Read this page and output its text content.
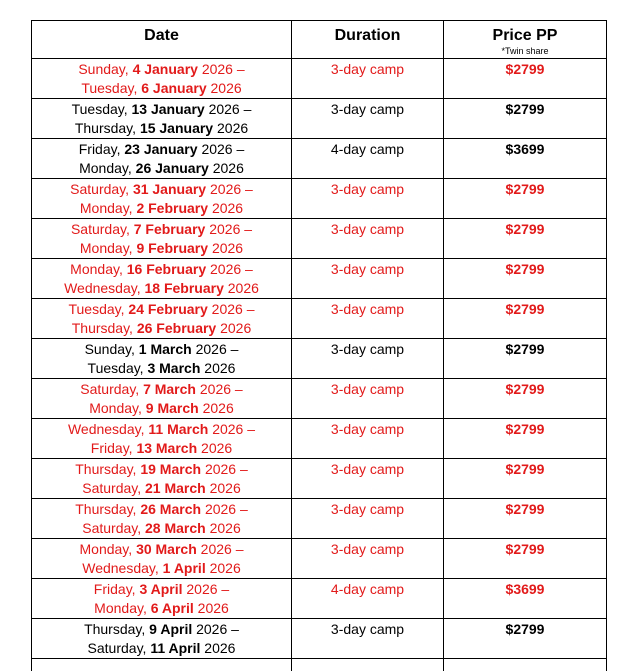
Date	Duration	Price PP
*Twin share

Sunday, 4 January 2026 –
Tuesday, 6 January 2026	3-day camp	$2799

Tuesday, 13 January 2026 –
Thursday, 15 January 2026	3-day camp	$2799

Friday, 23 January 2026 –
Monday, 26 January 2026	4-day camp	$3699

Saturday, 31 January 2026 –
Monday, 2 February 2026	3-day camp	$2799

Saturday, 7 February 2026 –
Monday, 9 February 2026	3-day camp	$2799

Monday, 16 February 2026 –
Wednesday, 18 February 2026	3-day camp	$2799

Tuesday, 24 February 2026 –
Thursday, 26 February 2026	3-day camp	$2799

Sunday, 1 March 2026 –
Tuesday, 3 March 2026	3-day camp	$2799

Saturday, 7 March 2026 –
Monday, 9 March 2026	3-day camp	$2799

Wednesday, 11 March 2026 –
Friday, 13 March 2026	3-day camp	$2799

Thursday, 19 March 2026 –
Saturday, 21 March 2026	3-day camp	$2799

Thursday, 26 March 2026 –
Saturday, 28 March 2026	3-day camp	$2799

Monday, 30 March 2026 –
Wednesday, 1 April 2026	3-day camp	$2799

Friday, 3 April 2026 –
Monday, 6 April 2026	4-day camp	$3699

Thursday, 9 April 2026 –
Saturday, 11 April 2026	3-day camp	$2799
